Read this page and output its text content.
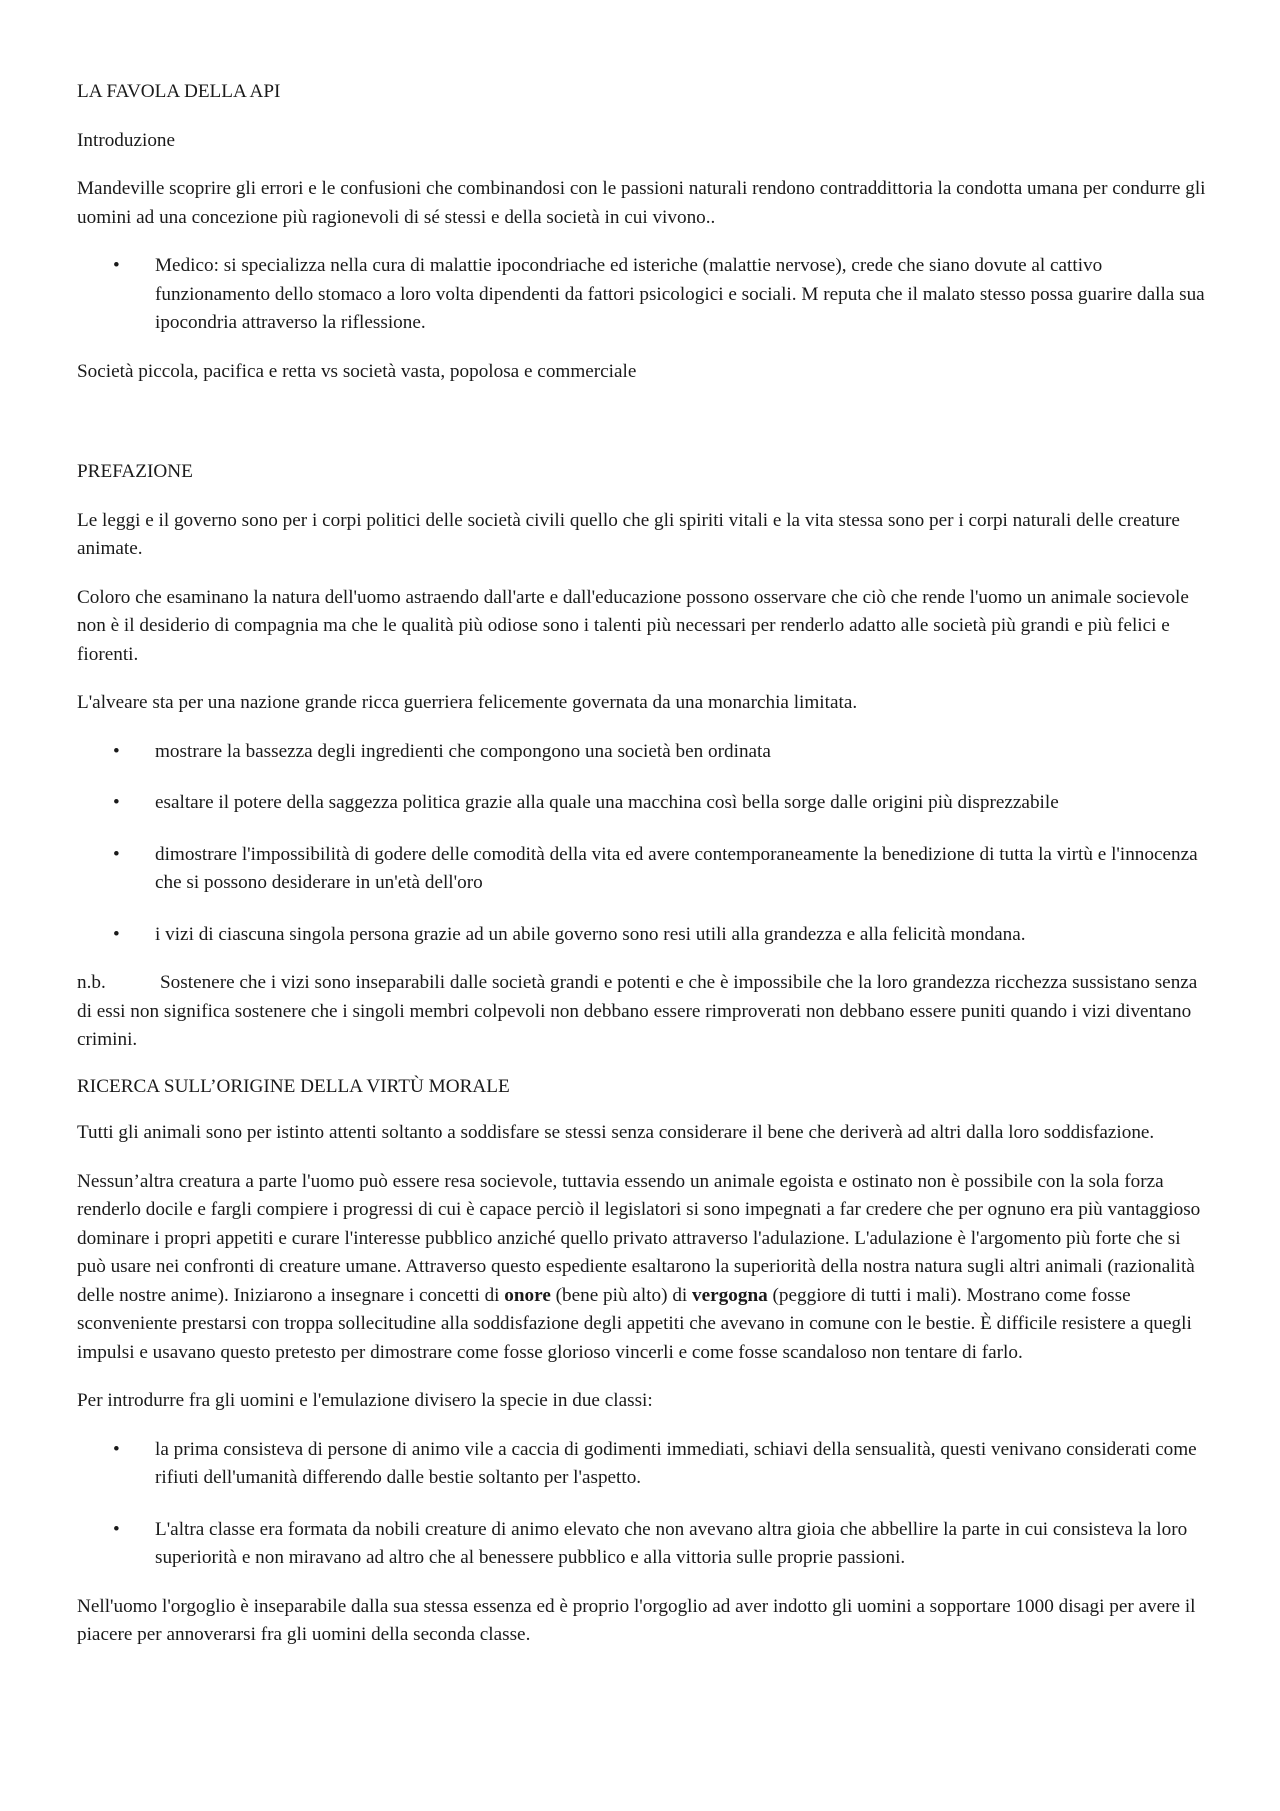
LA FAVOLA DELLA API

Introduzione

Mandeville scoprire gli errori e le confusioni che combinandosi con le passioni naturali rendono contraddittoria la condotta umana per condurre gli uomini ad una concezione più ragionevoli di sé stessi e della società in cui vivono..

• Medico: si specializza nella cura di malattie ipocondriache ed isteriche (malattie nervose), crede che siano dovute al cattivo funzionamento dello stomaco a loro volta dipendenti da fattori psicologici e sociali. M reputa che il malato stesso possa guarire dalla sua ipocondria attraverso la riflessione.

Società piccola, pacifica e retta vs società vasta, popolosa e commerciale

PREFAZIONE

Le leggi e il governo sono per i corpi politici delle società civili quello che gli spiriti vitali e la vita stessa sono per i corpi naturali delle creature animate.

Coloro che esaminano la natura dell'uomo astraendo dall'arte e dall'educazione possono osservare che ciò che rende l'uomo un animale socievole non è il desiderio di compagnia ma che le qualità più odiose sono i talenti più necessari per renderlo adatto alle società più grandi e più felici e fiorenti.

L'alveare sta per una nazione grande ricca guerriera felicemente governata da una monarchia limitata.

• mostrare la bassezza degli ingredienti che compongono una società ben ordinata
• esaltare il potere della saggezza politica grazie alla quale una macchina così bella sorge dalle origini più disprezzabile
• dimostrare l'impossibilità di godere delle comodità della vita ed avere contemporaneamente la benedizione di tutta la virtù e l'innocenza che si possono desiderare in un'età dell'oro
• i vizi di ciascuna singola persona grazie ad un abile governo sono resi utili alla grandezza e alla felicità mondana.

n.b.	Sostenere che i vizi sono inseparabili dalle società grandi e potenti e che è impossibile che la loro grandezza ricchezza sussistano senza di essi non significa sostenere che i singoli membri colpevoli non debbano essere rimproverati non debbano essere puniti quando i vizi diventano crimini.

RICERCA SULL’ORIGINE DELLA VIRTÙ MORALE

Tutti gli animali sono per istinto attenti soltanto a soddisfare se stessi senza considerare il bene che deriverà ad altri dalla loro soddisfazione.

Nessun’altra creatura a parte l'uomo può essere resa socievole, tuttavia essendo un animale egoista e ostinato non è possibile con la sola forza renderlo docile e fargli compiere i progressi di cui è capace perciò il legislatori si sono impegnati a far credere che per ognuno era più vantaggioso dominare i propri appetiti e curare l'interesse pubblico anziché quello privato attraverso l'adulazione. L'adulazione è l'argomento più forte che si può usare nei confronti di creature umane. Attraverso questo espediente esaltarono la superiorità della nostra natura sugli altri animali (razionalità delle nostre anime). Iniziarono a insegnare i concetti di onore (bene più alto) di vergogna (peggiore di tutti i mali). Mostrano come fosse sconveniente prestarsi con troppa sollecitudine alla soddisfazione degli appetiti che avevano in comune con le bestie. È difficile resistere a quegli impulsi e usavano questo pretesto per dimostrare come fosse glorioso vincerli e come fosse scandaloso non tentare di farlo.

Per introdurre fra gli uomini e l'emulazione divisero la specie in due classi:

• la prima consisteva di persone di animo vile a caccia di godimenti immediati, schiavi della sensualità, questi venivano considerati come rifiuti dell'umanità differendo dalle bestie soltanto per l'aspetto.
• L'altra classe era formata da nobili creature di animo elevato che non avevano altra gioia che abbellire la parte in cui consisteva la loro superiorità e non miravano ad altro che al benessere pubblico e alla vittoria sulle proprie passioni.

Nell'uomo l'orgoglio è inseparabile dalla sua stessa essenza ed è proprio l'orgoglio ad aver indotto gli uomini a sopportare 1000 disagi per avere il piacere per annoverarsi fra gli uomini della seconda classe.
